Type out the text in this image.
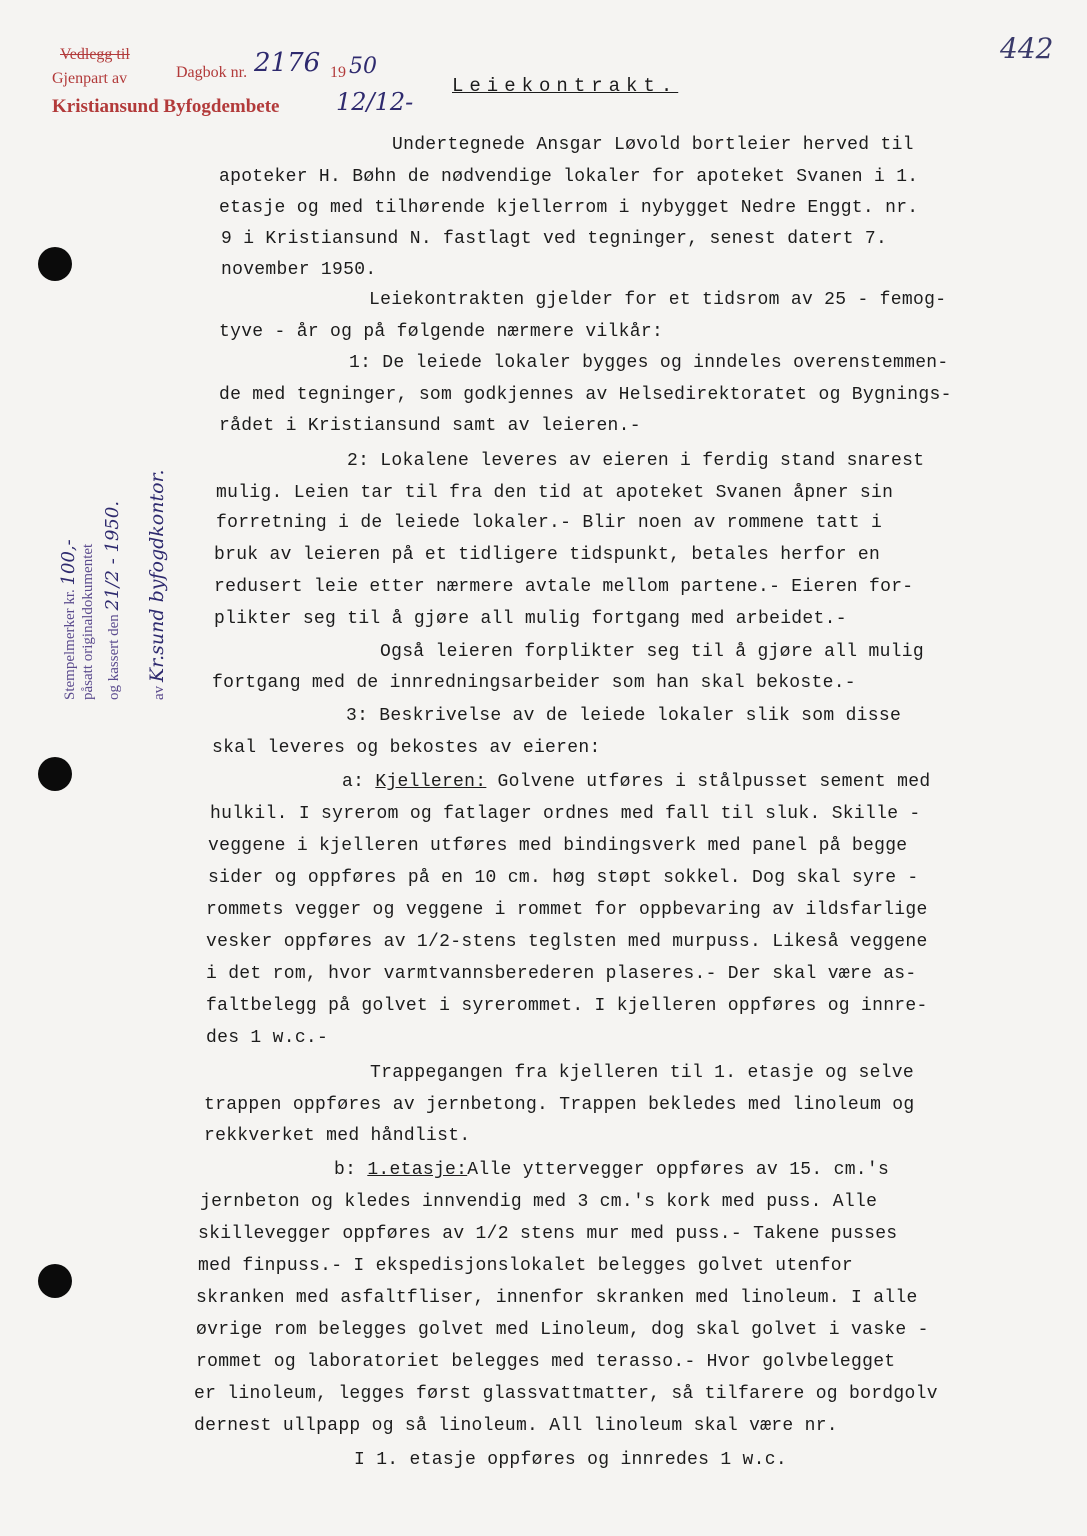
442
Vedlegg til
Gjenpart av
Kristiansund Byfogdembete
Dagbok nr. 2176 19 50
12/12-
Stempelmerker kr. 100,- påsatt originaldokumentet og kassert den 21/2 - 1950.
av Kr.sund byfogdkontor.
Leiekontrakt.
Undertegnede Ansgar Løvold bortleier herved til
apoteker H. Bøhn de nødvendige lokaler for apoteket Svanen i 1.
etasje og med tilhørende kjellerrom i nybygget Nedre Enggt. nr.
9 i Kristiansund N. fastlagt ved tegninger, senest datert 7.
november 1950.
Leiekontrakten gjelder for et tidsrom av 25 - femog-
tyve - år og på følgende nærmere vilkår:
1: De leiede lokaler bygges og inndeles overenstemmen-
de med tegninger, som godkjennes av Helsedirektoratet og Bygnings-
rådet i Kristiansund samt av leieren.-
2: Lokalene leveres av eieren i ferdig stand snarest
mulig. Leien tar til fra den tid at apoteket Svanen åpner sin
forretning i de leiede lokaler.- Blir noen av rommene tatt i
bruk av leieren på et tidligere tidspunkt, betales herfor en
redusert leie etter nærmere avtale mellom partene.- Eieren for-
plikter seg til å gjøre all mulig fortgang med arbeidet.-
Også leieren forplikter seg til å gjøre all mulig
fortgang med de innredningsarbeider som han skal bekoste.-
3: Beskrivelse av de leiede lokaler slik som disse
skal leveres og bekostes av eieren:
a: Kjelleren: Golvene utføres i stålpusset sement med
hulkil. I syrerom og fatlager ordnes med fall til sluk. Skille -
veggene i kjelleren utføres med bindingsverk med panel på begge
sider og oppføres på en 10 cm. høg støpt sokkel. Dog skal syre -
rommets vegger og veggene i rommet for oppbevaring av ildsfarlige
vesker oppføres av 1/2-stens teglsten med murpuss. Likeså veggene
i det rom, hvor varmtvannsberederen plaseres.- Der skal være as-
faltbelegg på golvet i syrerommet. I kjelleren oppføres og innre-
des 1 w.c.-
Trappegangen fra kjelleren til 1. etasje og selve
trappen oppføres av jernbetong. Trappen bekledes med linoleum og
rekkverket med håndlist.
b: 1.etasje:Alle yttervegger oppføres av 15. cm.'s
jernbeton og kledes innvendig med 3 cm.'s kork med puss. Alle
skillevegger oppføres av 1/2 stens mur med puss.- Takene pusses
med finpuss.- I ekspedisjonslokalet belegges golvet utenfor
skranken med asfaltfliser, innenfor skranken med linoleum. I alle
øvrige rom belegges golvet med Linoleum, dog skal golvet i vaske -
rommet og laboratoriet belegges med terasso.- Hvor golvbelegget
er linoleum, legges først glassvattmatter, så tilfarere og bordgolv
dernest ullpapp og så linoleum. All linoleum skal være nr.
I 1. etasje oppføres og innredes 1 w.c.
